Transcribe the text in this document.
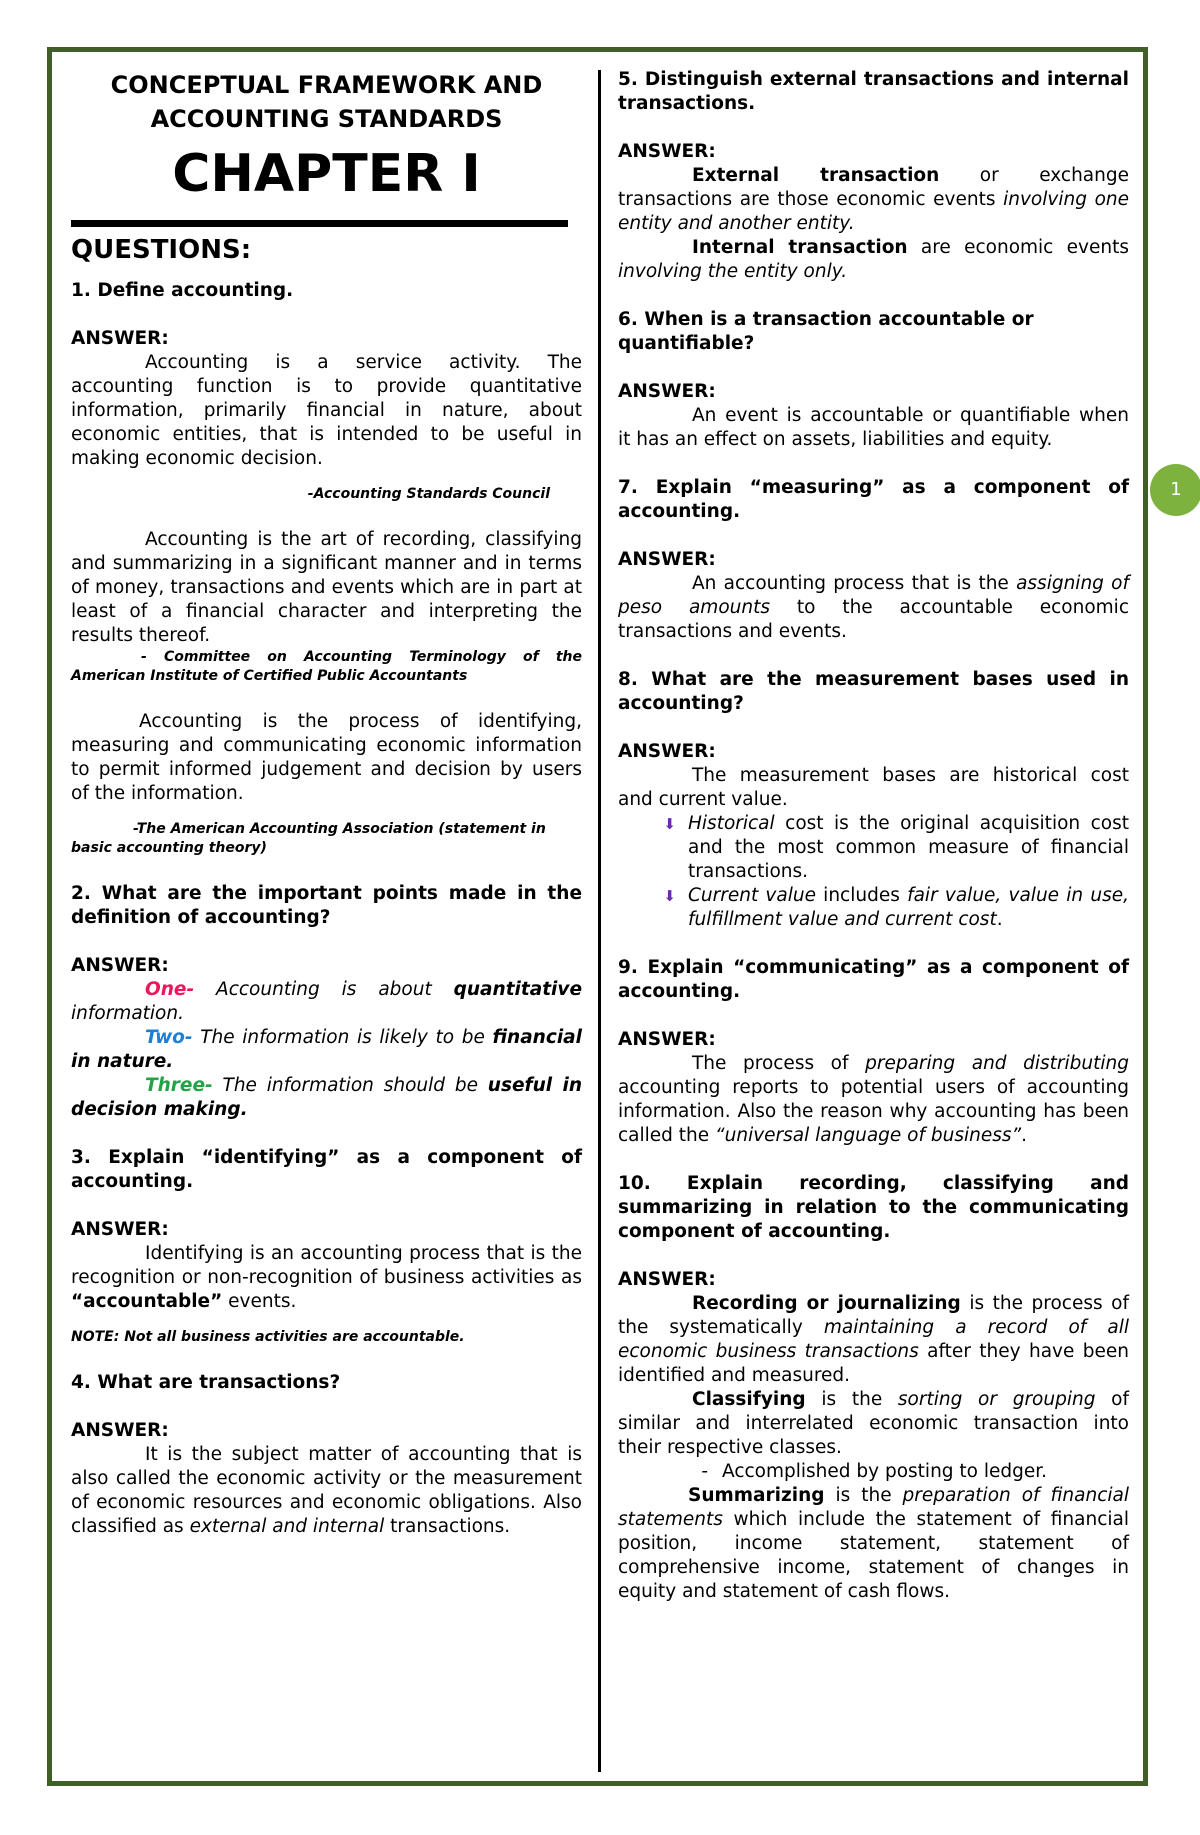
1

CONCEPTUAL FRAMEWORK AND

ACCOUNTING STANDARDS

CHAPTER I

QUESTIONS:

1. Define accounting.

ANSWER:

Accounting is a service activity. The accounting function is to provide quantitative information, primarily financial in nature, about economic entities, that is intended to be useful in making economic decision.

-Accounting Standards Council

Accounting is the art of recording, classifying and summarizing in a significant manner and in terms of money, transactions and events which are in part at least of a financial character and interpreting the results thereof.

- Committee on Accounting Terminology of the American Institute of Certified Public Accountants

Accounting is the process of identifying, measuring and communicating economic information to permit informed judgement and decision by users of the information.

-The American Accounting Association (statement in basic accounting theory)

2. What are the important points made in the definition of accounting?

ANSWER:

One- Accounting is about quantitative information.

Two- The information is likely to be financial in nature.

Three- The information should be useful in decision making.

3. Explain “identifying” as a component of accounting.

ANSWER:

Identifying is an accounting process that is the recognition or non-recognition of business activities as “accountable” events.

NOTE: Not all business activities are accountable.

4. What are transactions?

ANSWER:

It is the subject matter of accounting that is also called the economic activity or the measurement of economic resources and economic obligations. Also classified as external and internal transactions.

5. Distinguish external transactions and internal transactions.

ANSWER:

External transaction or exchange transactions are those economic events involving one entity and another entity.

Internal transaction are economic events involving the entity only.

6. When is a transaction accountable or quantifiable?

ANSWER:

An event is accountable or quantifiable when it has an effect on assets, liabilities and equity.

7. Explain “measuring” as a component of accounting.

ANSWER:

An accounting process that is the assigning of peso amounts to the accountable economic transactions and events.

8. What are the measurement bases used in accounting?

ANSWER:

The measurement bases are historical cost and current value.

⬇ Historical cost is the original acquisition cost and the most common measure of financial transactions.
⬇ Current value includes fair value, value in use, fulfillment value and current cost.

9. Explain “communicating” as a component of accounting.

ANSWER:

The process of preparing and distributing accounting reports to potential users of accounting information. Also the reason why accounting has been called the “universal language of business”.

10. Explain recording, classifying and summarizing in relation to the communicating component of accounting.

ANSWER:

Recording or journalizing is the process of the systematically maintaining a record of all economic business transactions after they have been identified and measured.

Classifying is the sorting or grouping of similar and interrelated economic transaction into their respective classes.

- Accomplished by posting to ledger.

Summarizing is the preparation of financial statements which include the statement of financial position, income statement, statement of comprehensive income, statement of changes in equity and statement of cash flows.
